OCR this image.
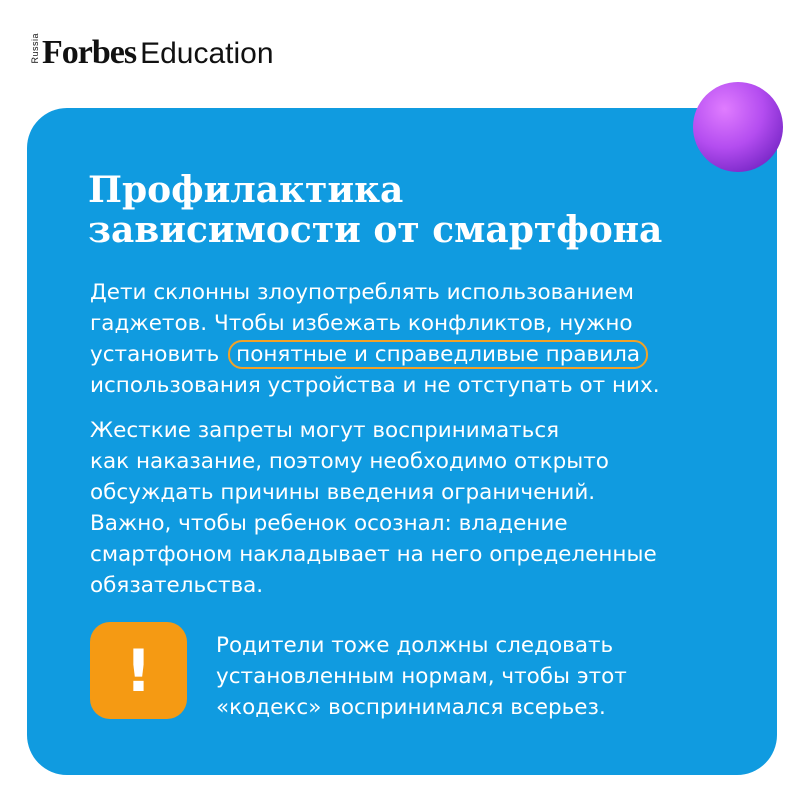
Russia Forbes Education
Профилактика
зависимости от смартфона
Дети склонны злоупотреблять использованием
гаджетов. Чтобы избежать конфликтов, нужно
установить понятные и справедливые правила
использования устройства и не отступать от них.
Жесткие запреты могут восприниматься
как наказание, поэтому необходимо открыто
обсуждать причины введения ограничений.
Важно, чтобы ребенок осознал: владение
смартфоном накладывает на него определенные
обязательства.
!	Родители тоже должны следовать
установленным нормам, чтобы этот
«кодекс» воспринимался всерьез.
